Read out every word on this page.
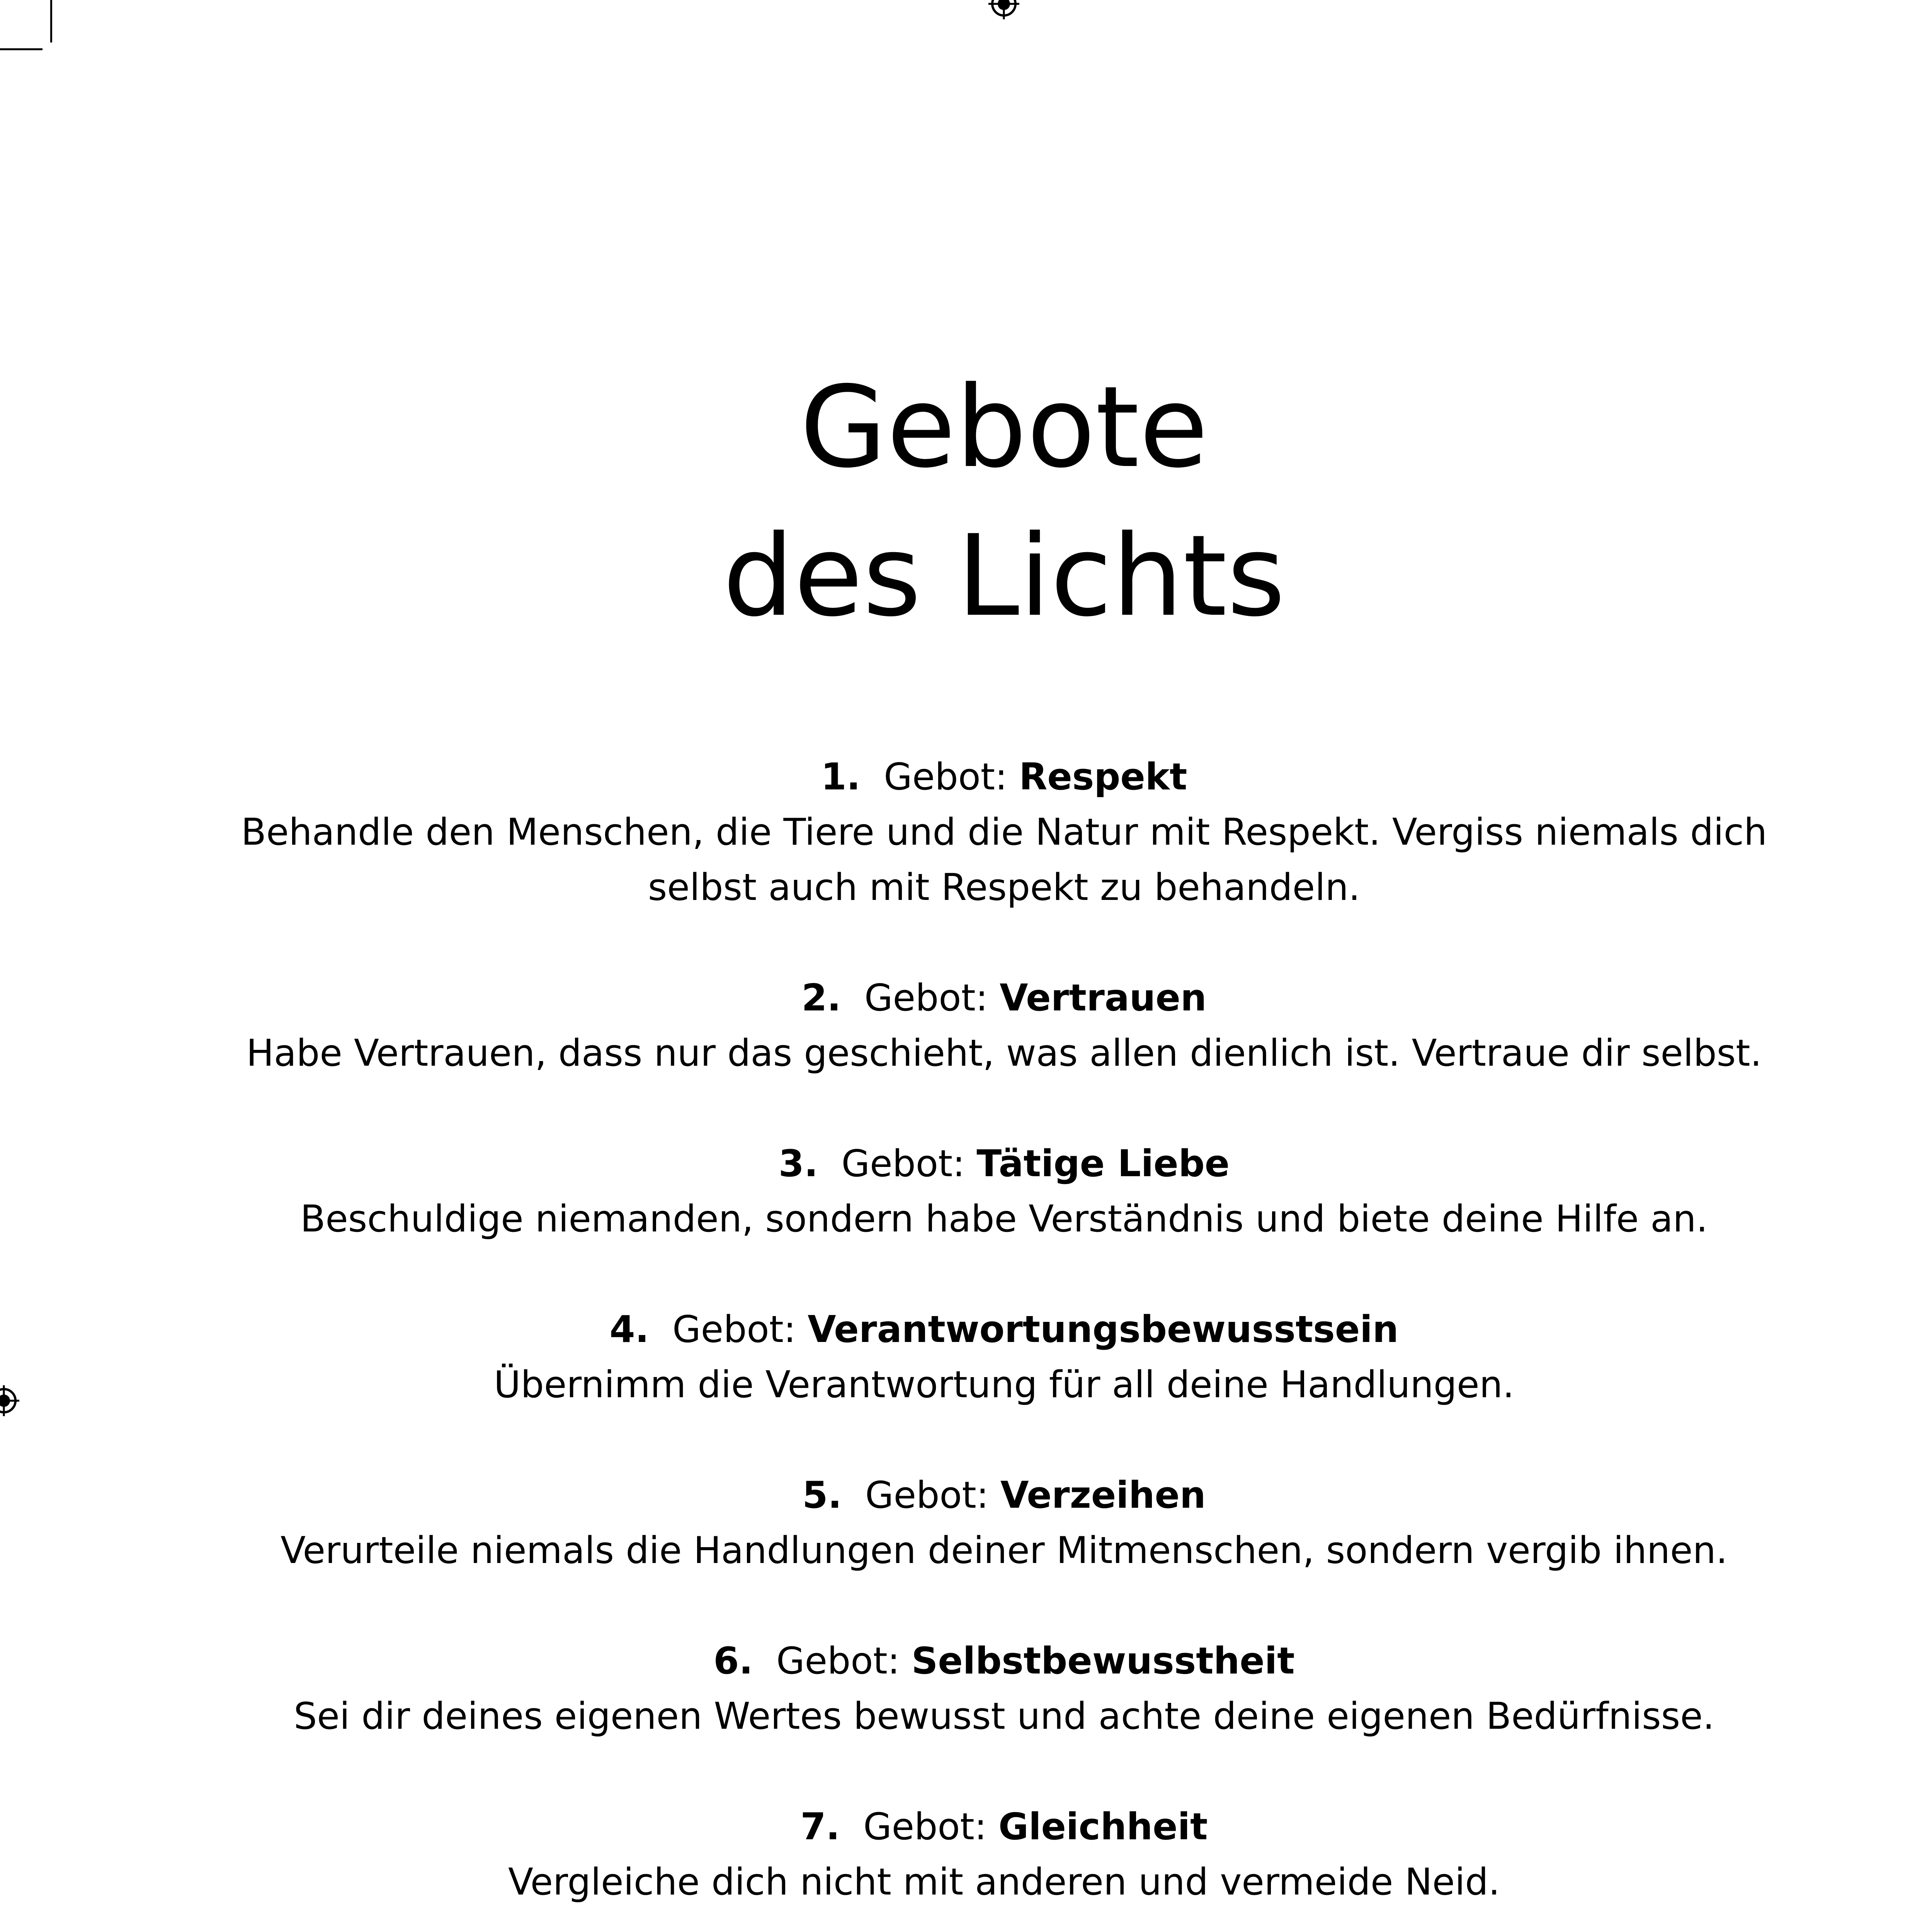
Gebote
des Lichts
1. Gebot: Respekt
Behandle den Menschen, die Tiere und die Natur mit Respekt. Vergiss niemals dich selbst auch mit Respekt zu behandeln.
2. Gebot: Vertrauen
Habe Vertrauen, dass nur das geschieht, was allen dienlich ist. Vertraue dir selbst.
3. Gebot: Tätige Liebe
Beschuldige niemanden, sondern habe Verständnis und biete deine Hilfe an.
4. Gebot: Verantwortungsbewusstsein
Übernimm die Verantwortung für all deine Handlungen.
5. Gebot: Verzeihen
Verurteile niemals die Handlungen deiner Mitmenschen, sondern vergib ihnen.
6. Gebot: Selbstbewusstheit
Sei dir deines eigenen Wertes bewusst und achte deine eigenen Bedürfnisse.
7. Gebot: Gleichheit
Vergleiche dich nicht mit anderen und vermeide Neid.
